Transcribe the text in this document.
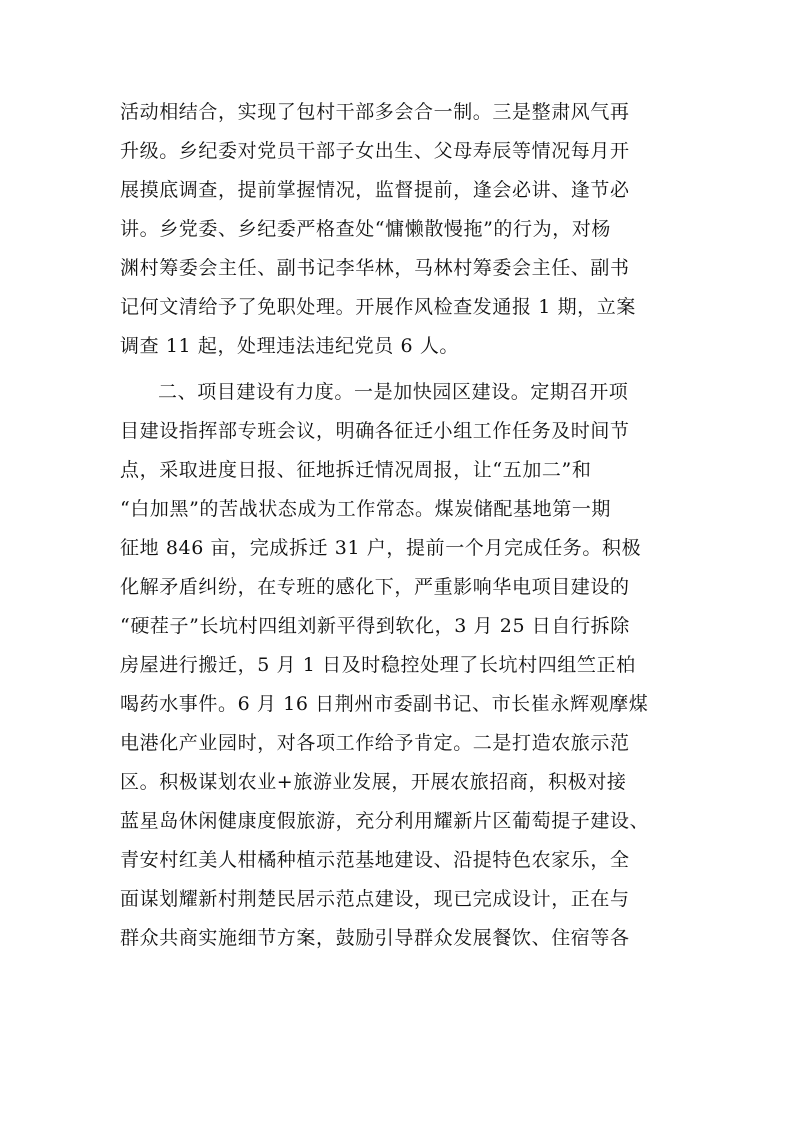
活动相结合，实现了包村干部多会合一制。三是整肃风气再
升级。乡纪委对党员干部子女出生、父母寿辰等情况每月开
展摸底调查，提前掌握情况，监督提前，逢会必讲、逢节必
讲。乡党委、乡纪委严格查处“慵懒散慢拖”的行为，对杨
渊村筹委会主任、副书记李华林，马林村筹委会主任、副书
记何文清给予了免职处理。开展作风检查发通报 1 期，立案
调查 11 起，处理违法违纪党员 6 人。
二、项目建设有力度。一是加快园区建设。定期召开项
目建设指挥部专班会议，明确各征迁小组工作任务及时间节
点，采取进度日报、征地拆迁情况周报，让“五加二”和
“白加黑”的苦战状态成为工作常态。煤炭储配基地第一期
征地 846 亩，完成拆迁 31 户，提前一个月完成任务。积极
化解矛盾纠纷，在专班的感化下，严重影响华电项目建设的
“硬茬子”长坑村四组刘新平得到软化，3 月 25 日自行拆除
房屋进行搬迁，5 月 1 日及时稳控处理了长坑村四组竺正柏
喝药水事件。6 月 16 日荆州市委副书记、市长崔永辉观摩煤
电港化产业园时，对各项工作给予肯定。二是打造农旅示范
区。积极谋划农业+旅游业发展，开展农旅招商，积极对接
蓝星岛休闲健康度假旅游，充分利用耀新片区葡萄提子建设、
青安村红美人柑橘种植示范基地建设、沿提特色农家乐，全
面谋划耀新村荆楚民居示范点建设，现已完成设计，正在与
群众共商实施细节方案，鼓励引导群众发展餐饮、住宿等各
